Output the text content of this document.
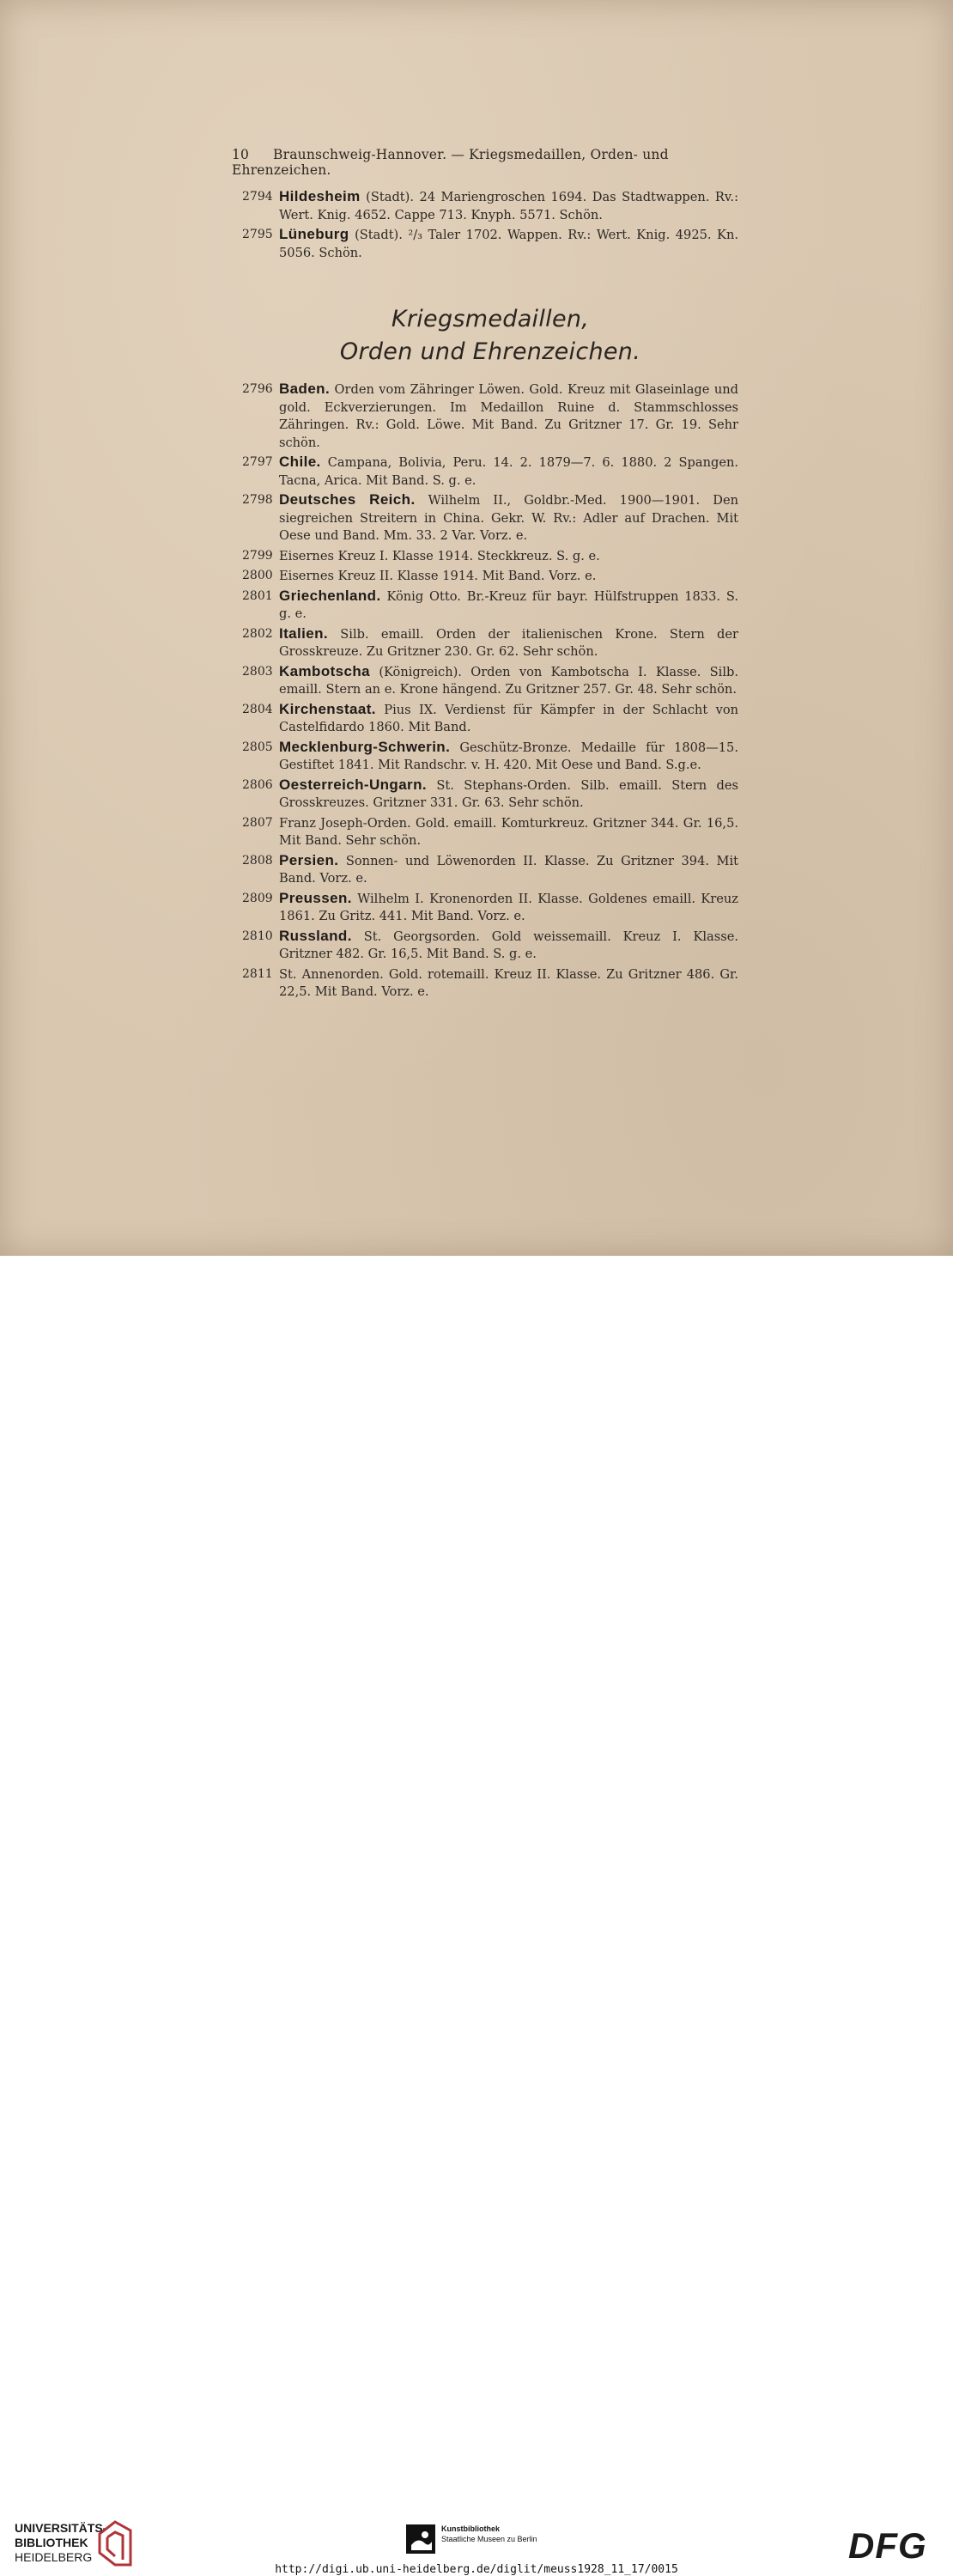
10 Braunschweig-Hannover. — Kriegsmedaillen, Orden- und Ehrenzeichen.
2794 Hildesheim (Stadt). 24 Mariengroschen 1694. Das Stadtwappen. Rv.: Wert. Knig. 4652. Cappe 713. Knyph. 5571. Schön.
2795 Lüneburg (Stadt). ²/₃ Taler 1702. Wappen. Rv.: Wert. Knig. 4925. Kn. 5056. Schön.
Kriegsmedaillen,
Orden und Ehrenzeichen.
2796 Baden. Orden vom Zähringer Löwen. Gold. Kreuz mit Glaseinlage und gold. Eckverzierungen. Im Medaillon Ruine d. Stammschlosses Zähringen. Rv.: Gold. Löwe. Mit Band. Zu Gritzner 17. Gr. 19. Sehr schön.
2797 Chile. Campana, Bolivia, Peru. 14. 2. 1879—7. 6. 1880. 2 Spangen. Tacna, Arica. Mit Band. S. g. e.
2798 Deutsches Reich. Wilhelm II., Goldbr.-Med. 1900—1901. Den siegreichen Streitern in China. Gekr. W. Rv.: Adler auf Drachen. Mit Oese und Band. Mm. 33. 2 Var. Vorz. e.
2799 Eisernes Kreuz I. Klasse 1914. Steckkreuz. S. g. e.
2800 Eisernes Kreuz II. Klasse 1914. Mit Band. Vorz. e.
2801 Griechenland. König Otto. Br.-Kreuz für bayr. Hülfstruppen 1833. S. g. e.
2802 Italien. Silb. emaill. Orden der italienischen Krone. Stern der Grosskreuze. Zu Gritzner 230. Gr. 62. Sehr schön.
2803 Kambotscha (Königreich). Orden von Kambotscha I. Klasse. Silb. emaill. Stern an e. Krone hängend. Zu Gritzner 257. Gr. 48. Sehr schön.
2804 Kirchenstaat. Pius IX. Verdienst für Kämpfer in der Schlacht von Castelfidardo 1860. Mit Band.
2805 Mecklenburg-Schwerin. Geschütz-Bronze. Medaille für 1808—15. Gestiftet 1841. Mit Randschr. v. H. 420. Mit Oese und Band. S.g.e.
2806 Oesterreich-Ungarn. St. Stephans-Orden. Silb. emaill. Stern des Grosskreuzes. Gritzner 331. Gr. 63. Sehr schön.
2807 Franz Joseph-Orden. Gold. emaill. Komturkreuz. Gritzner 344. Gr. 16,5. Mit Band. Sehr schön.
2808 Persien. Sonnen- und Löwenorden II. Klasse. Zu Gritzner 394. Mit Band. Vorz. e.
2809 Preussen. Wilhelm I. Kronenorden II. Klasse. Goldenes emaill. Kreuz 1861. Zu Gritz. 441. Mit Band. Vorz. e.
2810 Russland. St. Georgsorden. Gold weissemaill. Kreuz I. Klasse. Gritzner 482. Gr. 16,5. Mit Band. S. g. e.
2811 St. Annenorden. Gold. rotemaill. Kreuz II. Klasse. Zu Gritzner 486. Gr. 22,5. Mit Band. Vorz. e.
UNIVERSITÄTS-
BIBLIOTHEK
HEIDELBERG
Kunstbibliothek
Staatliche Museen zu Berlin	DFG
http://digi.ub.uni-heidelberg.de/diglit/meuss1928_11_17/0015
